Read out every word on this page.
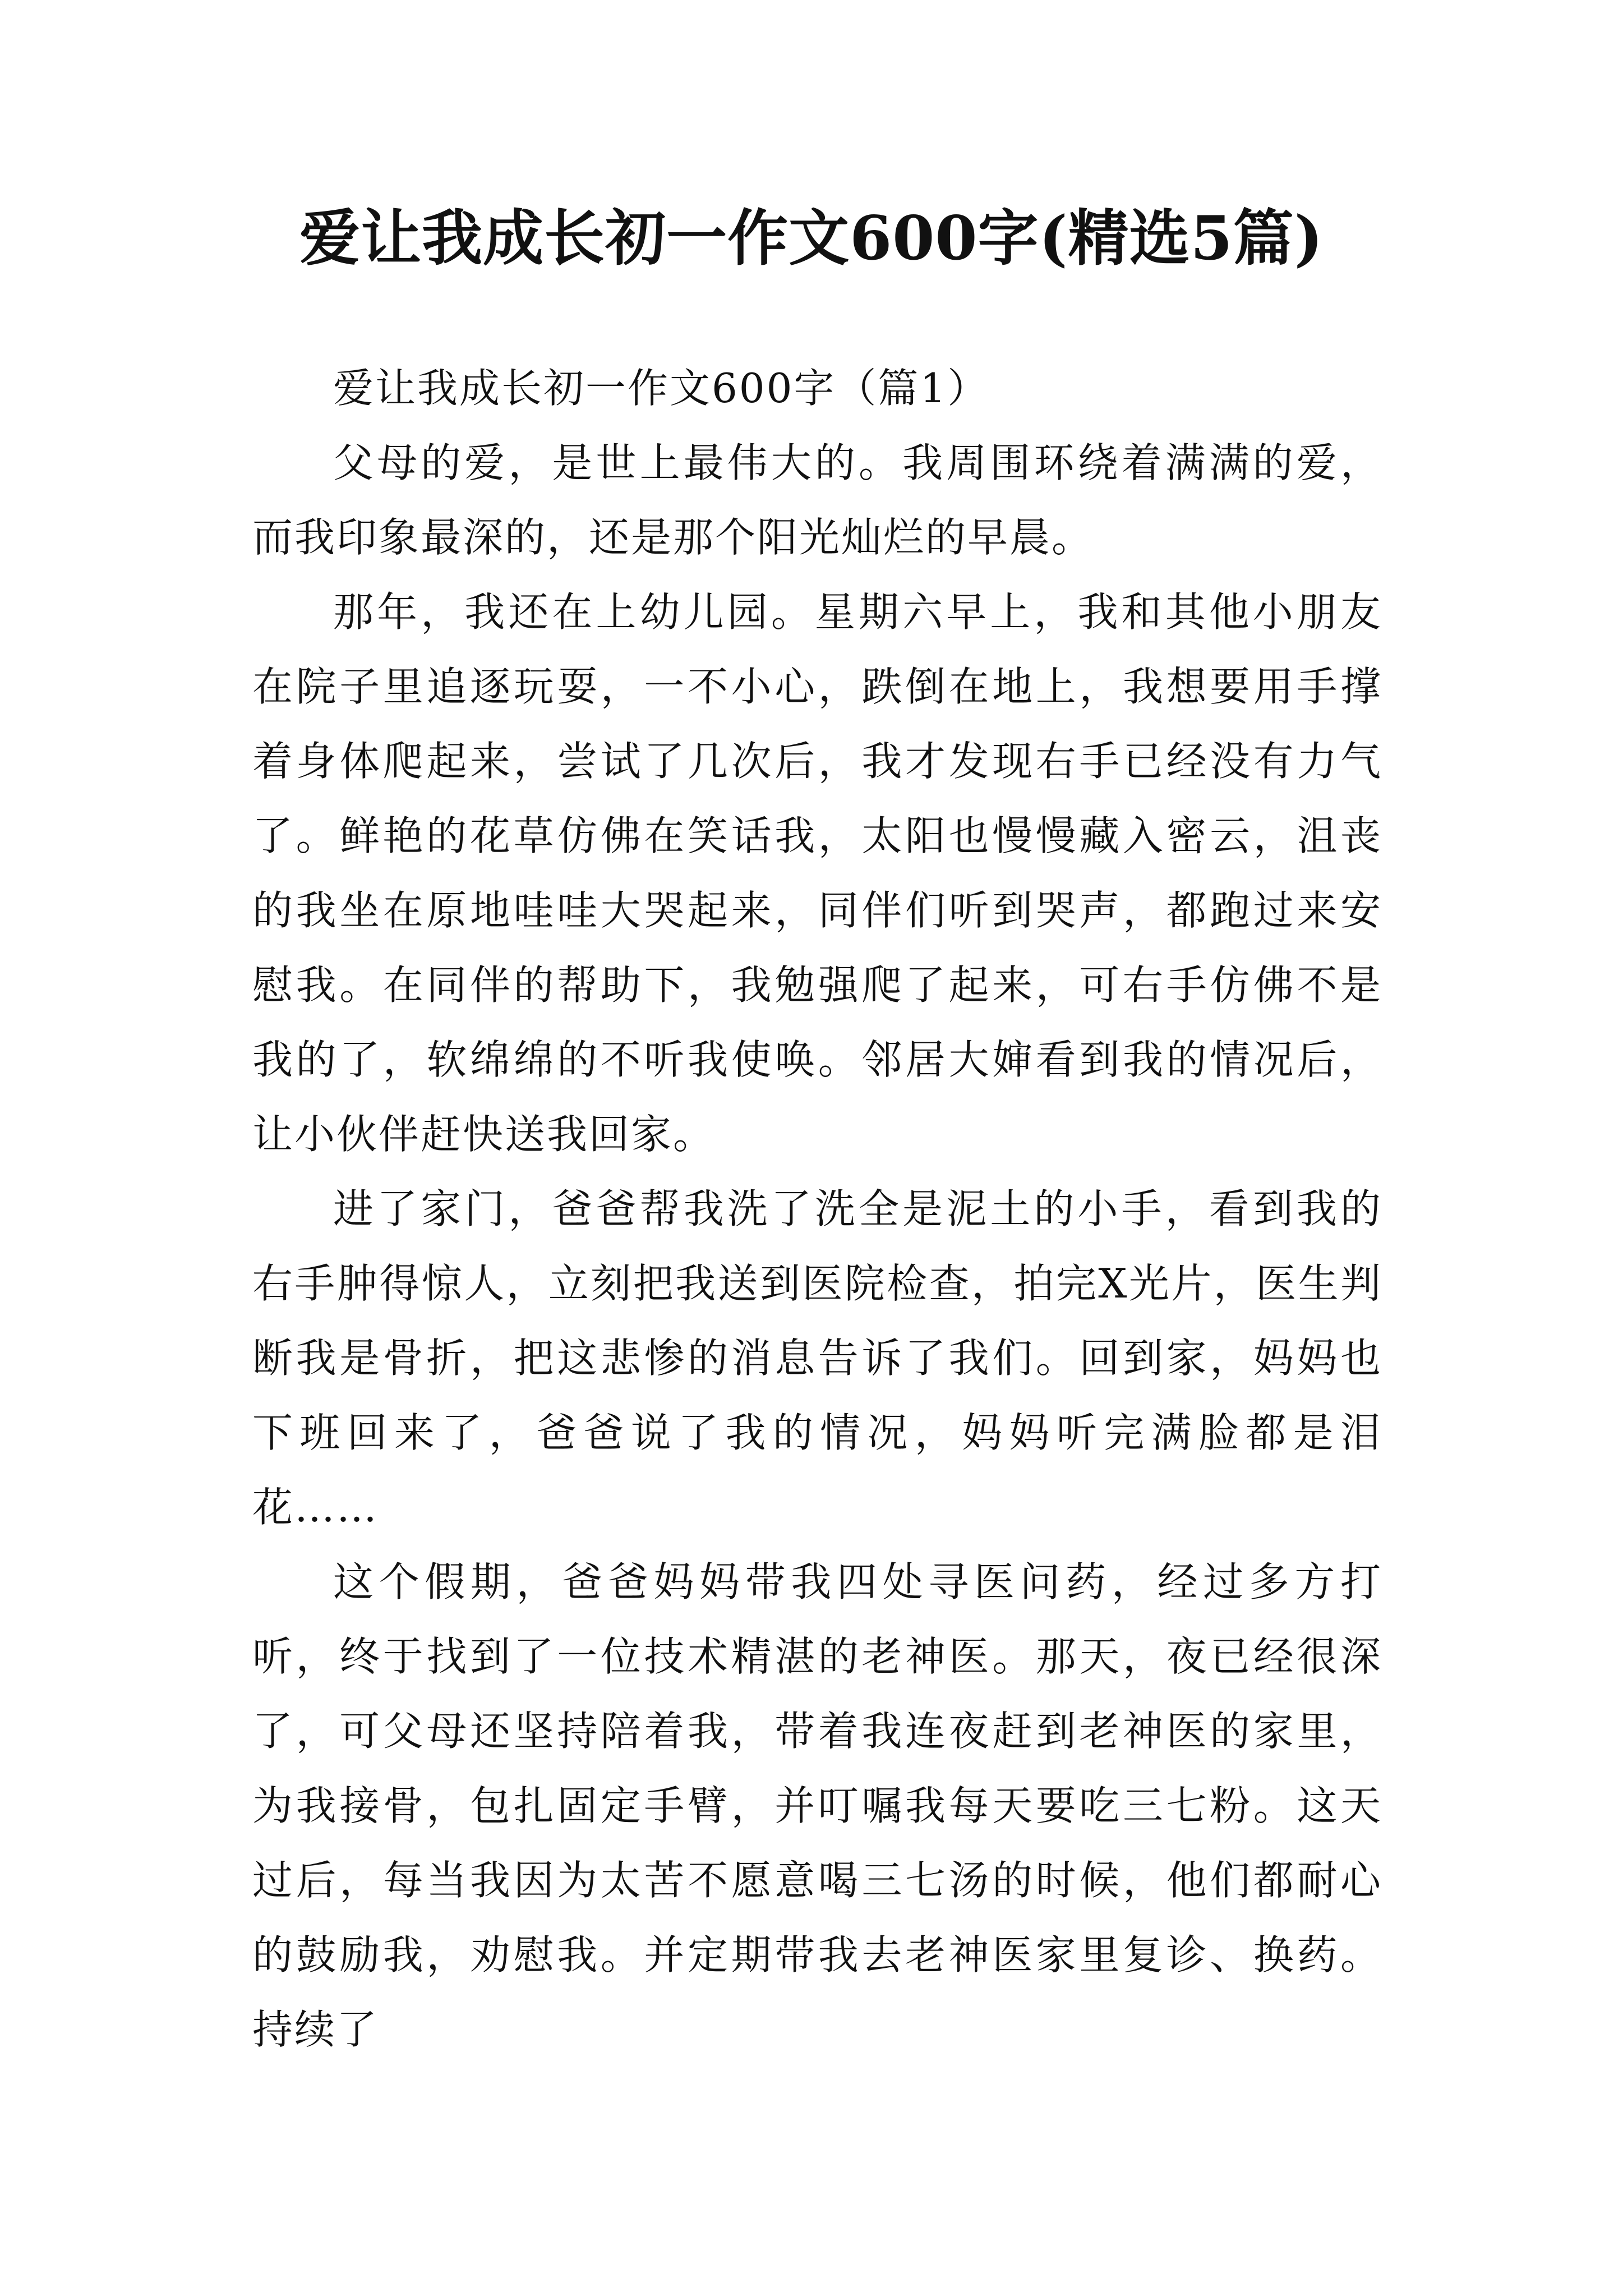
爱让我成长初一作文600字(精选5篇)

爱让我成长初一作文600字（篇1）

父母的爱，是世上最伟大的。我周围环绕着满满的爱，而我印象最深的，还是那个阳光灿烂的早晨。

那年，我还在上幼儿园。星期六早上，我和其他小朋友在院子里追逐玩耍，一不小心，跌倒在地上，我想要用手撑着身体爬起来，尝试了几次后，我才发现右手已经没有力气了。鲜艳的花草仿佛在笑话我，太阳也慢慢藏入密云，沮丧的我坐在原地哇哇大哭起来，同伴们听到哭声，都跑过来安慰我。在同伴的帮助下，我勉强爬了起来，可右手仿佛不是我的了，软绵绵的不听我使唤。邻居大婶看到我的情况后，让小伙伴赶快送我回家。

进了家门，爸爸帮我洗了洗全是泥土的小手，看到我的右手肿得惊人，立刻把我送到医院检查，拍完X光片，医生判断我是骨折，把这悲惨的消息告诉了我们。回到家，妈妈也下班回来了，爸爸说了我的情况，妈妈听完满脸都是泪花……

这个假期，爸爸妈妈带我四处寻医问药，经过多方打听，终于找到了一位技术精湛的老神医。那天，夜已经很深了，可父母还坚持陪着我，带着我连夜赶到老神医的家里，为我接骨，包扎固定手臂，并叮嘱我每天要吃三七粉。这天过后，每当我因为太苦不愿意喝三七汤的时候，他们都耐心的鼓励我，劝慰我。并定期带我去老神医家里复诊、换药。持续了
